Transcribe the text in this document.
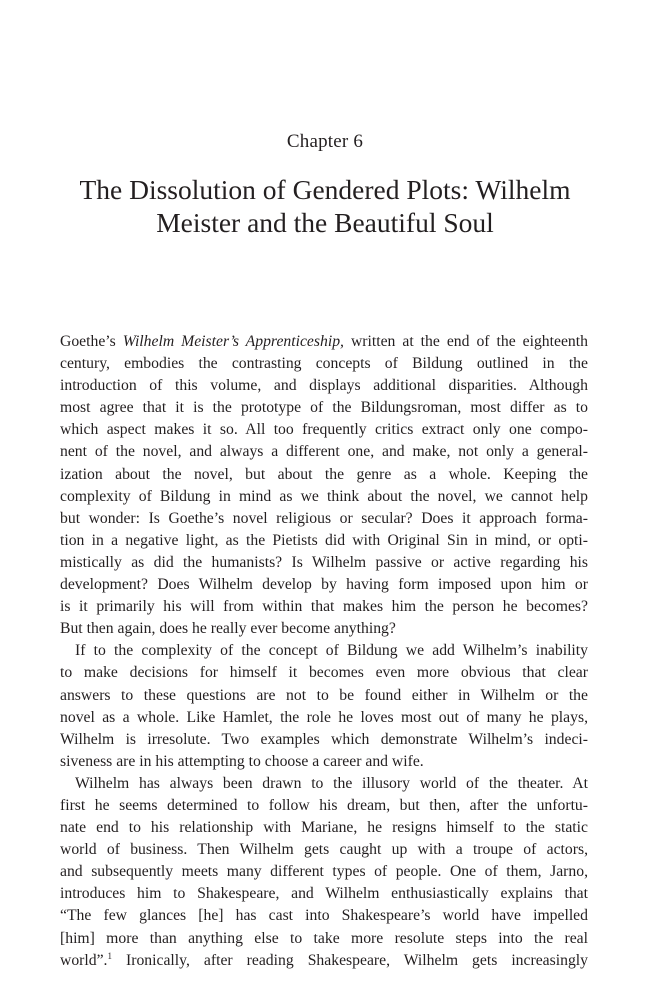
Chapter 6
The Dissolution of Gendered Plots: Wilhelm
Meister and the Beautiful Soul
Goethe’s Wilhelm Meister’s Apprenticeship, written at the end of the eighteenth
century, embodies the contrasting concepts of Bildung outlined in the
introduction of this volume, and displays additional disparities. Although
most agree that it is the prototype of the Bildungsroman, most differ as to
which aspect makes it so. All too frequently critics extract only one compo-
nent of the novel, and always a different one, and make, not only a general-
ization about the novel, but about the genre as a whole. Keeping the
complexity of Bildung in mind as we think about the novel, we cannot help
but wonder: Is Goethe’s novel religious or secular? Does it approach forma-
tion in a negative light, as the Pietists did with Original Sin in mind, or opti-
mistically as did the humanists? Is Wilhelm passive or active regarding his
development? Does Wilhelm develop by having form imposed upon him or
is it primarily his will from within that makes him the person he becomes?
But then again, does he really ever become anything?
If to the complexity of the concept of Bildung we add Wilhelm’s inability
to make decisions for himself it becomes even more obvious that clear
answers to these questions are not to be found either in Wilhelm or the
novel as a whole. Like Hamlet, the role he loves most out of many he plays,
Wilhelm is irresolute. Two examples which demonstrate Wilhelm’s indeci-
siveness are in his attempting to choose a career and wife.
Wilhelm has always been drawn to the illusory world of the theater. At
first he seems determined to follow his dream, but then, after the unfortu-
nate end to his relationship with Mariane, he resigns himself to the static
world of business. Then Wilhelm gets caught up with a troupe of actors,
and subsequently meets many different types of people. One of them, Jarno,
introduces him to Shakespeare, and Wilhelm enthusiastically explains that
“The few glances [he] has cast into Shakespeare’s world have impelled
[him] more than anything else to take more resolute steps into the real
world”.$^1$ Ironically, after reading Shakespeare, Wilhelm gets increasingly
